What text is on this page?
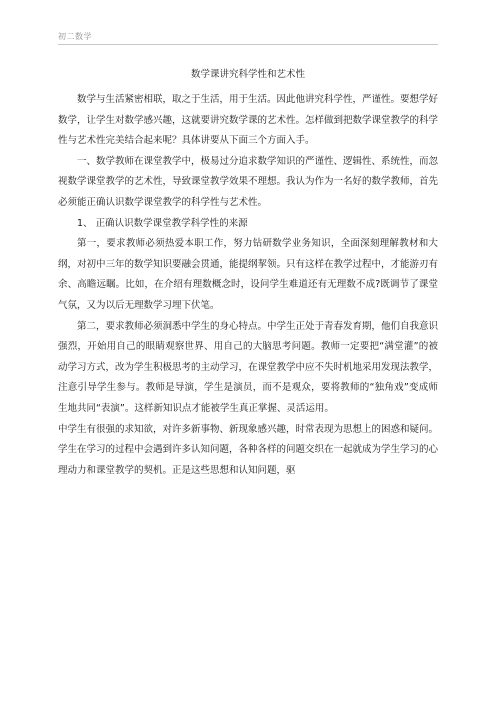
初二数学
数学课讲究科学性和艺术性

数学与生活紧密相联，取之于生活，用于生活。因此他讲究科学性，严谨性。要想学好数学，让学生对数学感兴趣，这就要讲究数学课的艺术性。怎样做到把数学课堂教学的科学性与艺术性完美结合起来呢？具体讲要从下面三个方面入手。

一、数学教师在课堂教学中，极易过分追求数学知识的严谨性、逻辑性、系统性，而忽视数学课堂教学的艺术性，导致课堂教学效果不理想。我认为作为一名好的数学教师，首先必须能正确认识数学课堂教学的科学性与艺术性。

1、 正确认识数学课堂教学科学性的来源

第一，要求教师必须热爱本职工作，努力钻研数学业务知识，全面深刻理解教材和大纲，对初中三年的数学知识要融会贯通，能提纲挈领。只有这样在教学过程中，才能游刃有余、高瞻远瞩。比如，在介绍有理数概念时，设问学生难道还有无理数不成?既调节了课堂气氛，又为以后无理数学习埋下伏笔。

第二，要求教师必须洞悉中学生的身心特点。中学生正处于青春发育期，他们自我意识强烈，开始用自己的眼睛观察世界、用自己的大脑思考问题。教师一定要把“满堂灌”的被动学习方式，改为学生积极思考的主动学习，在课堂教学中应不失时机地采用发现法教学，注意引导学生参与。教师是导演，学生是演员，而不是观众，要将教师的“独角戏”变成师生地共同“表演”。这样新知识点才能被学生真正掌握、灵活运用。

中学生有很强的求知欲，对许多新事物、新现象感兴趣，时常表现为思想上的困惑和疑问。学生在学习的过程中会遇到许多认知问题，各种各样的问题交织在一起就成为学生学习的心理动力和课堂教学的契机。正是这些思想和认知问题，驱
